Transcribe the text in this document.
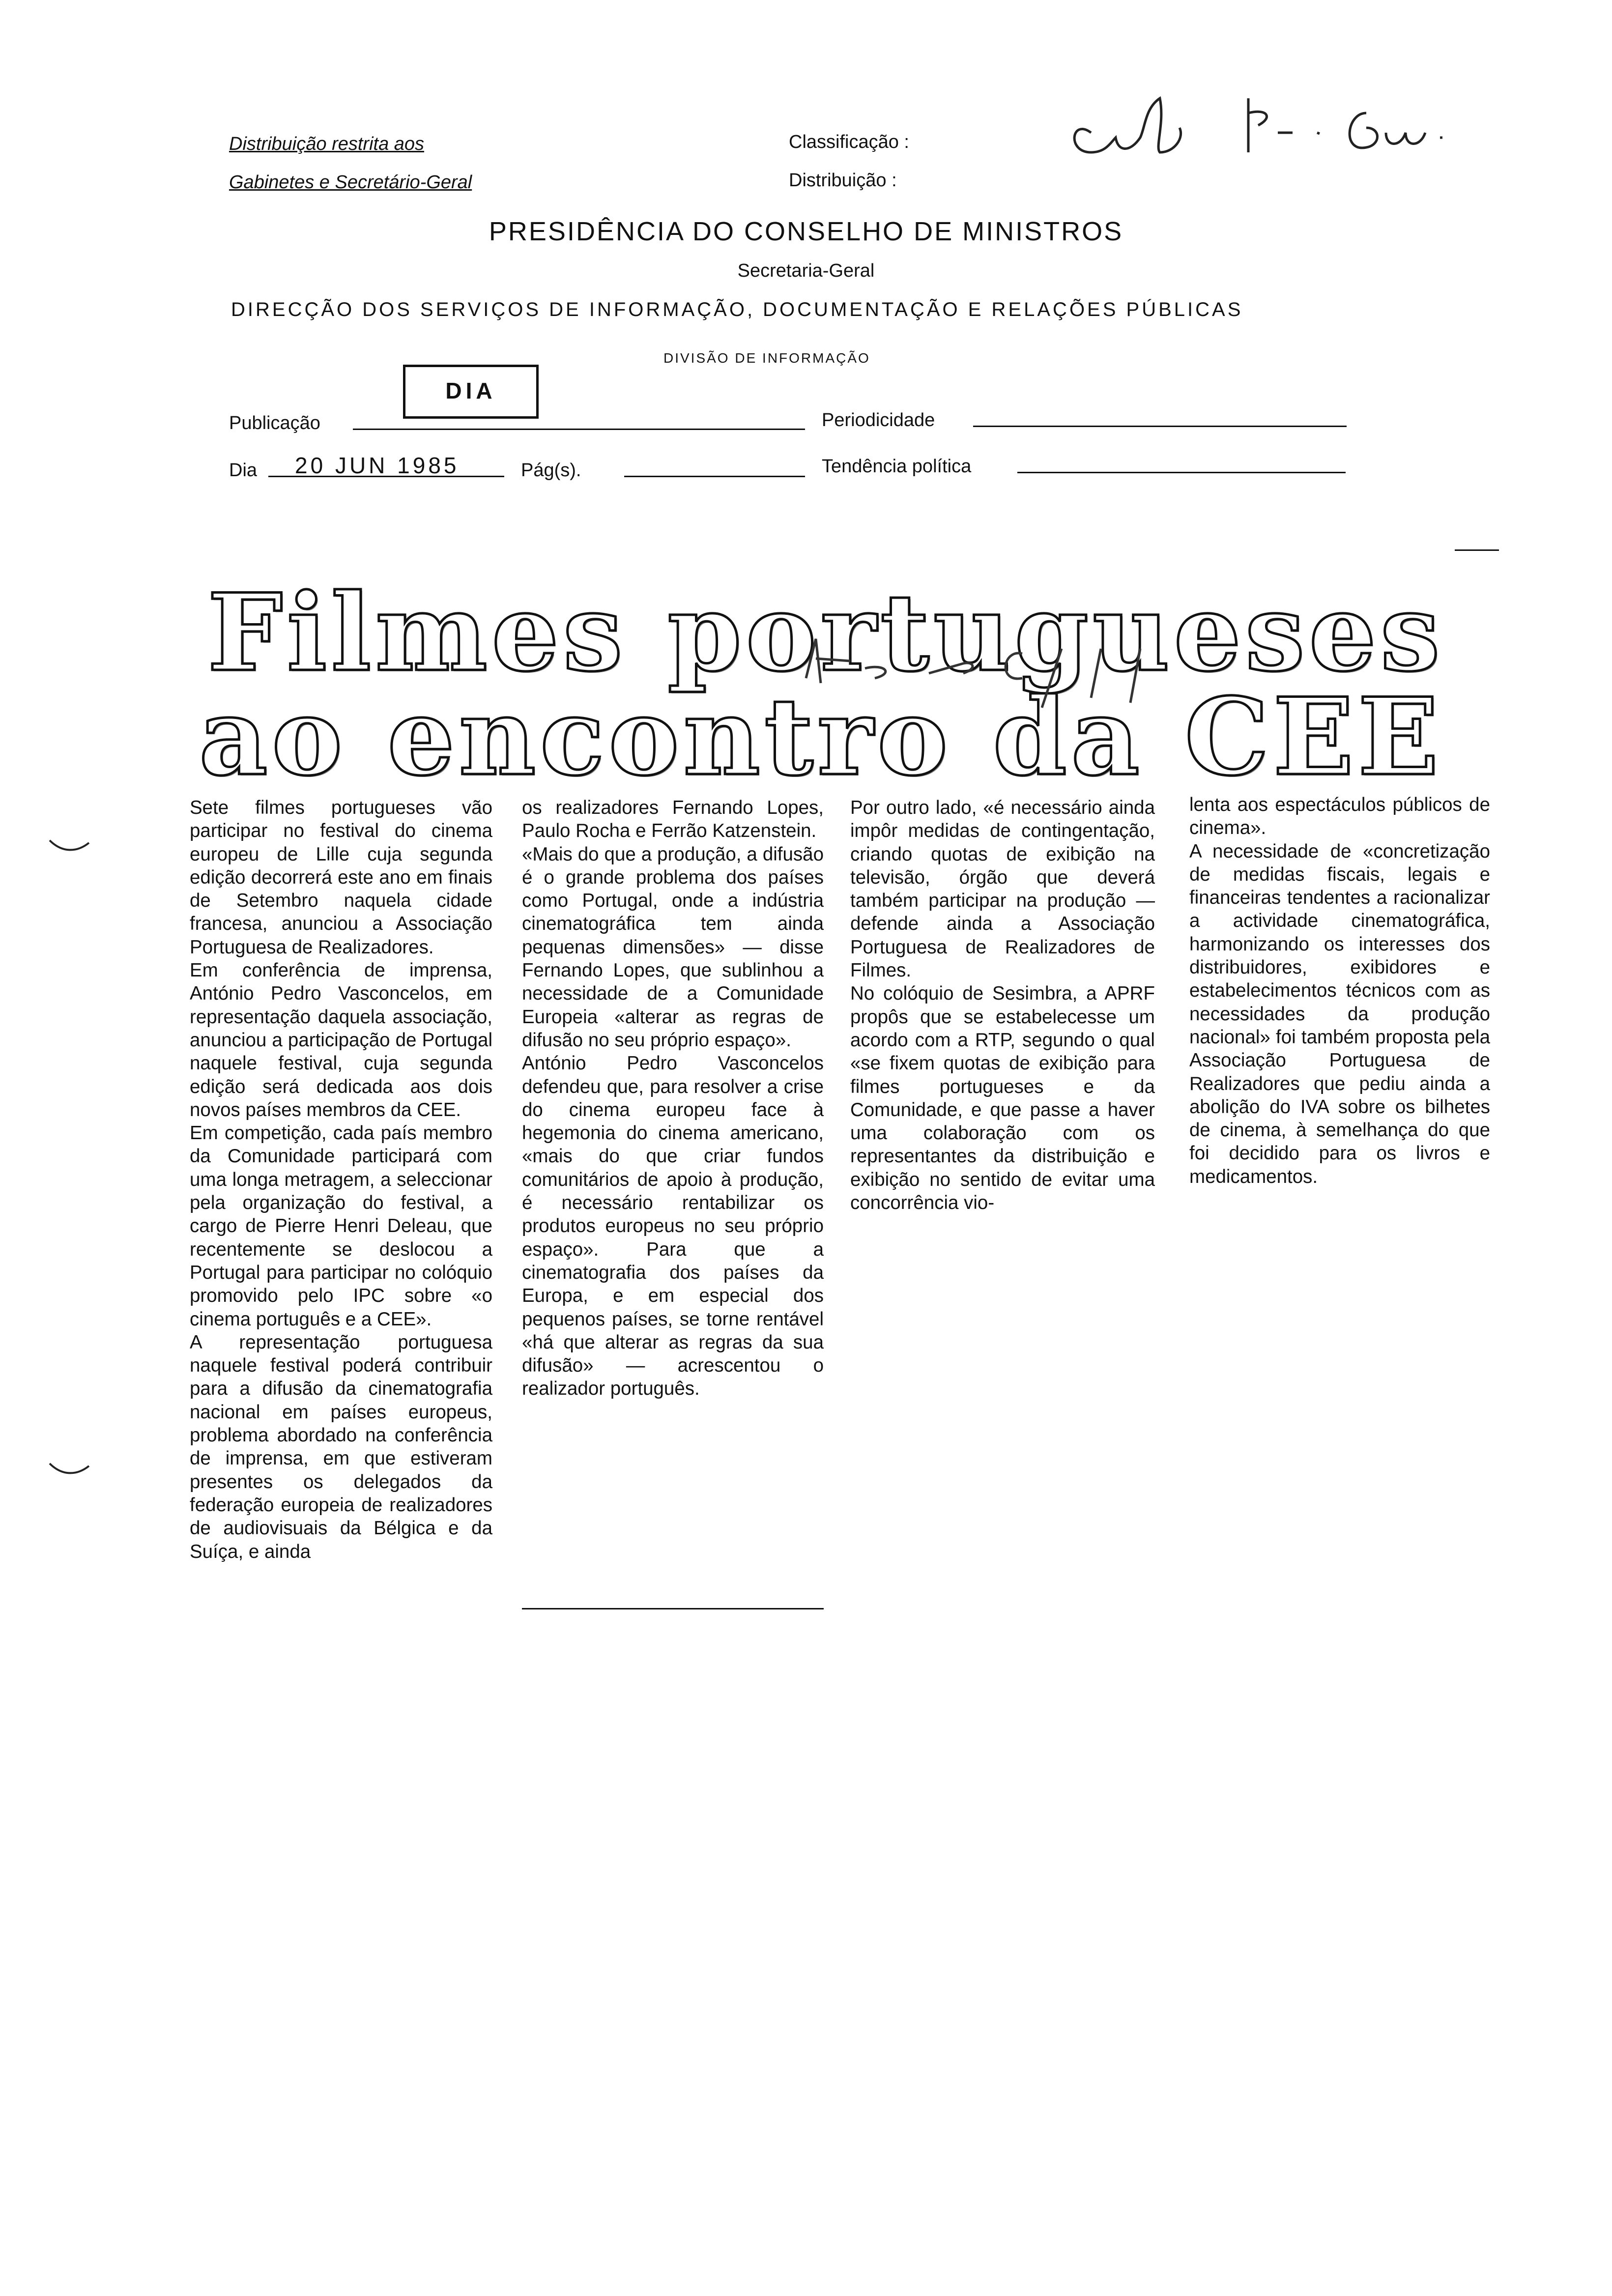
Distribuição restrita aos
Gabinetes e Secretário-Geral
Classificação :
Distribuição :
PRESIDÊNCIA DO CONSELHO DE MINISTROS
Secretaria-Geral
DIRECÇÃO DOS SERVIÇOS DE INFORMAÇÃO, DOCUMENTAÇÃO E RELAÇÕES PÚBLICAS
DIVISÃO DE INFORMAÇÃO
DIA
Publicação	Periodicidade
Dia 20 JUN 1985	Pág(s).	Tendência política
Filmes portugueses
ao encontro da CEE
Sete filmes portugueses vão participar no festival do cinema europeu de Lille cuja segunda edição decorrerá este ano em finais de Setembro naquela cidade francesa, anunciou a Associação Portuguesa de Realizadores.
Em conferência de imprensa, António Pedro Vasconcelos, em representação daquela associação, anunciou a participação de Portugal naquele festival, cuja segunda edição será dedicada aos dois novos países membros da CEE.
Em competição, cada país membro da Comunidade participará com uma longa metragem, a seleccionar pela organização do festival, a cargo de Pierre Henri Deleau, que recentemente se deslocou a Portugal para participar no colóquio promovido pelo IPC sobre «o cinema português e a CEE».
A representação portuguesa naquele festival poderá contribuir para a difusão da cinematografia nacional em países europeus, problema abordado na conferência de imprensa, em que estiveram presentes os delegados da federação europeia de realizadores de audiovisuais da Bélgica e da Suíça, e ainda
os realizadores Fernando Lopes, Paulo Rocha e Ferrão Katzenstein.
«Mais do que a produção, a difusão é o grande problema dos países como Portugal, onde a indústria cinematográfica tem ainda pequenas dimensões» — disse Fernando Lopes, que sublinhou a necessidade de a Comunidade Europeia «alterar as regras de difusão no seu próprio espaço».
António Pedro Vasconcelos defendeu que, para resolver a crise do cinema europeu face à hegemonia do cinema americano, «mais do que criar fundos comunitários de apoio à produção, é necessário rentabilizar os produtos europeus no seu próprio espaço». Para que a cinematografia dos países da Europa, e em especial dos pequenos países, se torne rentável «há que alterar as regras da sua difusão» — acrescentou o realizador português.
Por outro lado, «é necessário ainda impôr medidas de contingentação, criando quotas de exibição na televisão, órgão que deverá também participar na produção — defende ainda a Associação Portuguesa de Realizadores de Filmes.
No colóquio de Sesimbra, a APRF propôs que se estabelecesse um acordo com a RTP, segundo o qual «se fixem quotas de exibição para filmes portugueses e da Comunidade, e que passe a haver uma colaboração com os representantes da distribuição e exibição no sentido de evitar uma concorrência vio-
lenta aos espectáculos públicos de cinema».
A necessidade de «concretização de medidas fiscais, legais e financeiras tendentes a racionalizar a actividade cinematográfica, harmonizando os interesses dos distribuidores, exibidores e estabelecimentos técnicos com as necessidades da produção nacional» foi também proposta pela Associação Portuguesa de Realizadores que pediu ainda a abolição do IVA sobre os bilhetes de cinema, à semelhança do que foi decidido para os livros e medicamentos.
